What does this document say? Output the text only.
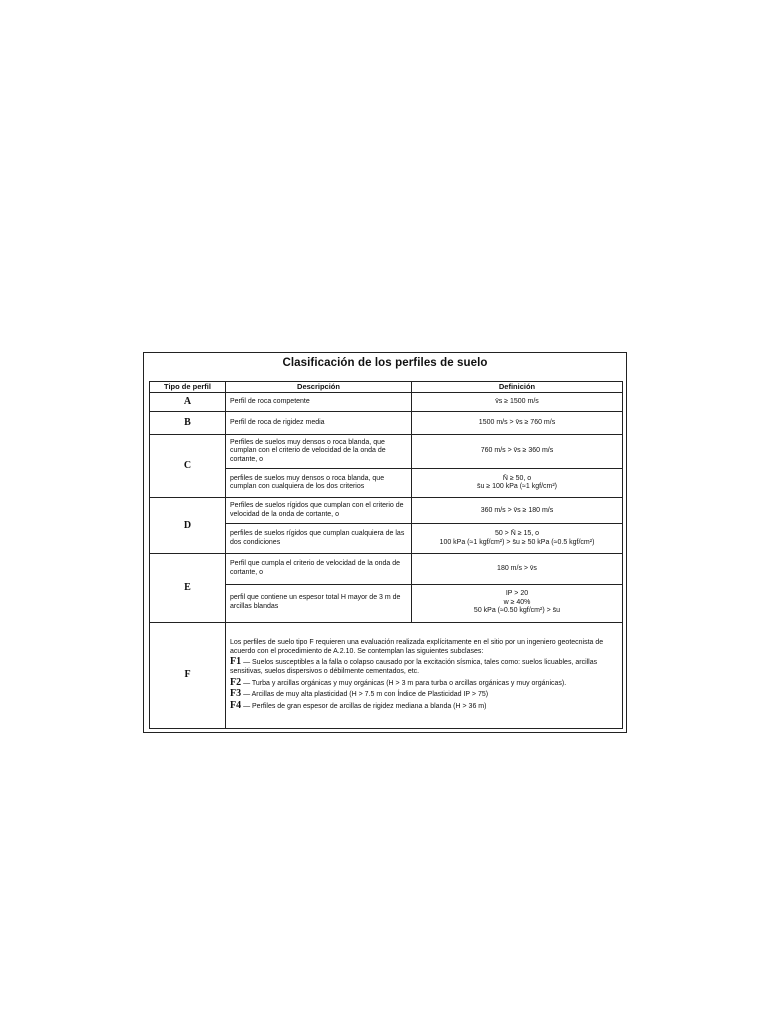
Clasificación de los perfiles de suelo
Tipo de perfil	Descripción	Definición
A	Perfil de roca competente	v̄s ≥ 1500 m/s
B	Perfil de roca de rigidez media	1500 m/s > v̄s ≥ 760 m/s
C	Perfiles de suelos muy densos o roca blanda, que cumplan con el criterio de velocidad de la onda de cortante, o	760 m/s > v̄s ≥ 360 m/s
	perfiles de suelos muy densos o roca blanda, que cumplan con cualquiera de los dos criterios	N̄ ≥ 50, o
s̄u ≥ 100 kPa (≈1 kgf/cm²)

D	Perfiles de suelos rígidos que cumplan con el criterio de velocidad de la onda de cortante, o	360 m/s > v̄s ≥ 180 m/s
	perfiles de suelos rígidos que cumplan cualquiera de las dos condiciones	50 > N̄ ≥ 15, o
100 kPa (≈1 kgf/cm²) > s̄u ≥ 50 kPa (≈0.5 kgf/cm²)

E	Perfil que cumpla el criterio de velocidad de la onda de cortante, o	180 m/s > v̄s
	perfil que contiene un espesor total H mayor de 3 m de arcillas blandas	IP > 20
w ≥ 40%
50 kPa (≈0.50 kgf/cm²) > s̄u

F	Los perfiles de suelo tipo F requieren una evaluación realizada explícitamente en el sitio por un ingeniero geotecnista de acuerdo con el procedimiento de A.2.10. Se contemplan las siguientes subclases:
F1 — Suelos susceptibles a la falla o colapso causado por la excitación sísmica, tales como: suelos licuables, arcillas sensitivas, suelos dispersivos o débilmente cementados, etc.
F2 — Turba y arcillas orgánicas y muy orgánicas (H > 3 m para turba o arcillas orgánicas y muy orgánicas).
F3 — Arcillas de muy alta plasticidad (H > 7.5 m con Índice de Plasticidad IP > 75)
F4 — Perfiles de gran espesor de arcillas de rigidez mediana a blanda (H > 36 m)	
